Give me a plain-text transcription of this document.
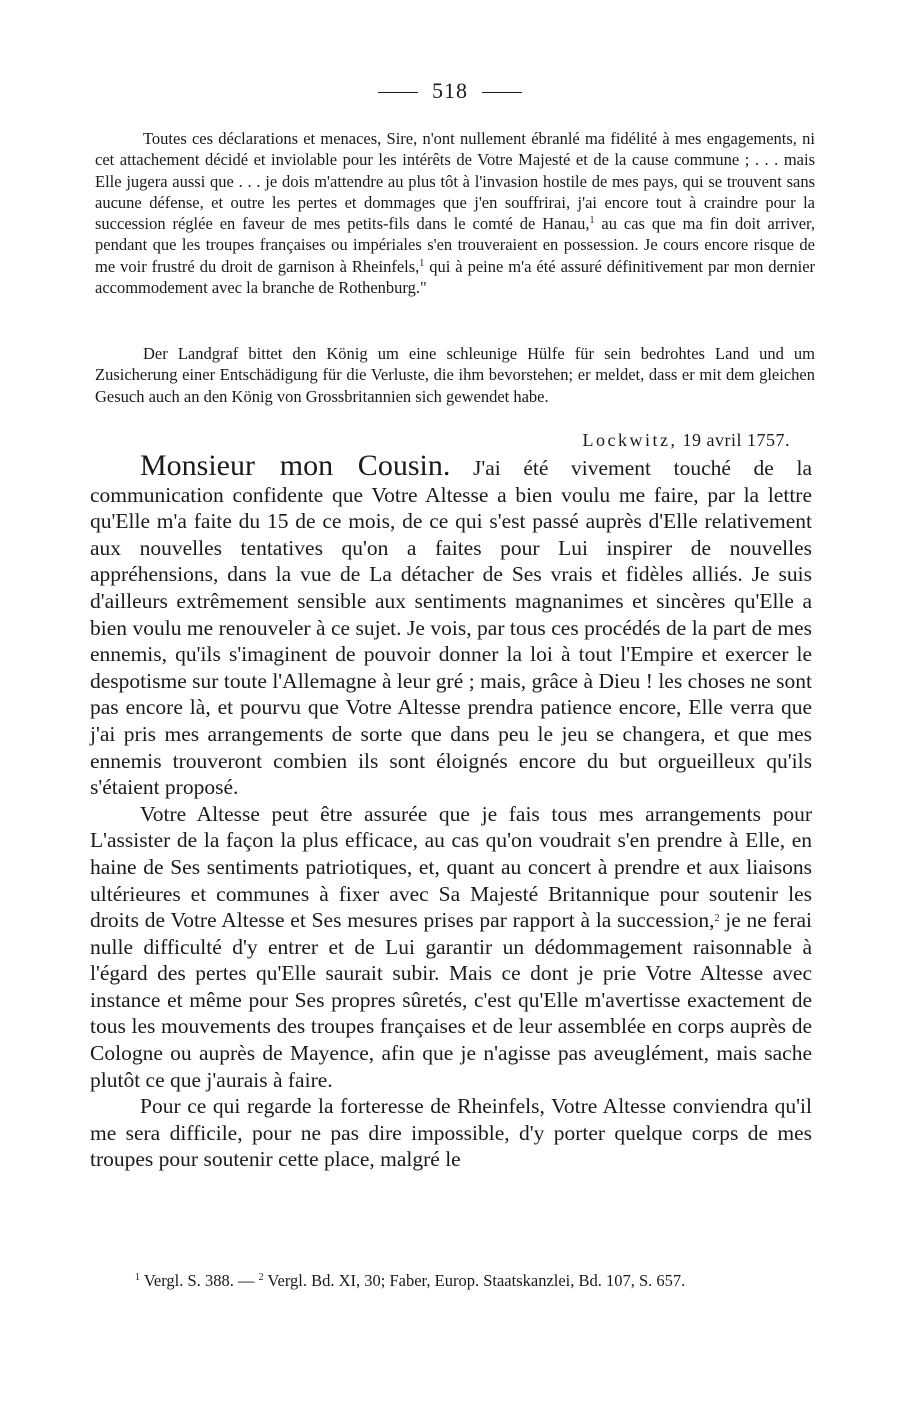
518

Toutes ces déclarations et menaces, Sire, n'ont nullement ébranlé ma fidélité à mes engagements, ni cet attachement décidé et inviolable pour les intérêts de Votre Majesté et de la cause commune ; . . . mais Elle jugera aussi que . . . je dois m'attendre au plus tôt à l'invasion hostile de mes pays, qui se trouvent sans aucune défense, et outre les pertes et dommages que j'en souffrirai, j'ai encore tout à craindre pour la succession réglée en faveur de mes petits-fils dans le comté de Hanau,$^1$ au cas que ma fin doit arriver, pendant que les troupes françaises ou impériales s'en trouveraient en possession. Je cours encore risque de me voir frustré du droit de garnison à Rheinfels,$^1$ qui à peine m'a été assuré définitivement par mon dernier accommodement avec la branche de Rothenburg."

Der Landgraf bittet den König um eine schleunige Hülfe für sein bedrohtes Land und um Zusicherung einer Entschädigung für die Verluste, die ihm bevorstehen; er meldet, dass er mit dem gleichen Gesuch auch an den König von Grossbritannien sich gewendet habe.

Lockwitz, 19 avril 1757.

Monsieur mon Cousin. J'ai été vivement touché de la communication confidente que Votre Altesse a bien voulu me faire, par la lettre qu'Elle m'a faite du 15 de ce mois, de ce qui s'est passé auprès d'Elle relativement aux nouvelles tentatives qu'on a faites pour Lui inspirer de nouvelles appréhensions, dans la vue de La détacher de Ses vrais et fidèles alliés. Je suis d'ailleurs extrêmement sensible aux sentiments magnanimes et sincères qu'Elle a bien voulu me renouveler à ce sujet. Je vois, par tous ces procédés de la part de mes ennemis, qu'ils s'imaginent de pouvoir donner la loi à tout l'Empire et exercer le despotisme sur toute l'Allemagne à leur gré ; mais, grâce à Dieu ! les choses ne sont pas encore là, et pourvu que Votre Altesse prendra patience encore, Elle verra que j'ai pris mes arrangements de sorte que dans peu le jeu se changera, et que mes ennemis trouveront combien ils sont éloignés encore du but orgueilleux qu'ils s'étaient proposé.

Votre Altesse peut être assurée que je fais tous mes arrangements pour L'assister de la façon la plus efficace, au cas qu'on voudrait s'en prendre à Elle, en haine de Ses sentiments patriotiques, et, quant au concert à prendre et aux liaisons ultérieures et communes à fixer avec Sa Majesté Britannique pour soutenir les droits de Votre Altesse et Ses mesures prises par rapport à la succession,$^2$ je ne ferai nulle difficulté d'y entrer et de Lui garantir un dédommagement raisonnable à l'égard des pertes qu'Elle saurait subir. Mais ce dont je prie Votre Altesse avec instance et même pour Ses propres sûretés, c'est qu'Elle m'avertisse exactement de tous les mouvements des troupes françaises et de leur assemblée en corps auprès de Cologne ou auprès de Mayence, afin que je n'agisse pas aveuglément, mais sache plutôt ce que j'aurais à faire.

Pour ce qui regarde la forteresse de Rheinfels, Votre Altesse conviendra qu'il me sera difficile, pour ne pas dire impossible, d'y porter quelque corps de mes troupes pour soutenir cette place, malgré le

$^1$ Vergl. S. 388. — $^2$ Vergl. Bd. XI, 30; Faber, Europ. Staatskanzlei, Bd. 107, S. 657.
